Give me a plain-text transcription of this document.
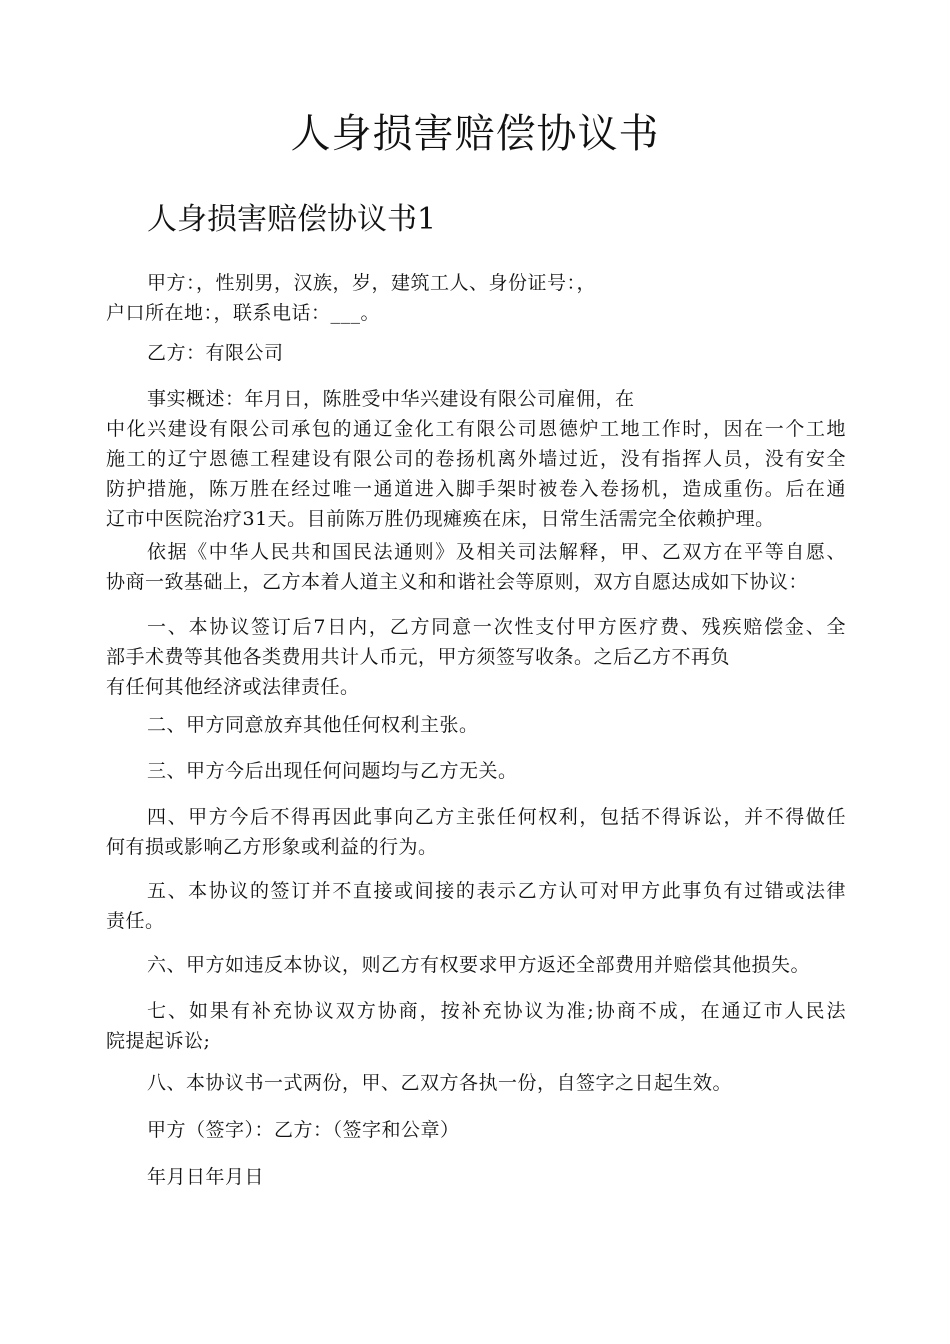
人身损害赔偿协议书
人身损害赔偿协议书1

甲方：，性别男，汉族，岁，建筑工人、身份证号：，
户口所在地：，联系电话：___。

乙方：有限公司

事实概述：年月日，陈胜受中华兴建设有限公司雇佣，在
中化兴建设有限公司承包的通辽金化工有限公司恩德炉工地工作时，因在一个工地
施工的辽宁恩德工程建设有限公司的卷扬机离外墙过近，没有指挥人员，没有安全
防护措施，陈万胜在经过唯一通道进入脚手架时被卷入卷扬机，造成重伤。后在通
辽市中医院治疗31天。目前陈万胜仍现瘫痪在床，日常生活需完全依赖护理。

依据《中华人民共和国民法通则》及相关司法解释，甲、乙双方在平等自愿、
协商一致基础上，乙方本着人道主义和和谐社会等原则，双方自愿达成如下协议：

一、本协议签订后7日内，乙方同意一次性支付甲方医疗费、残疾赔偿金、全
部手术费等其他各类费用共计人币元，甲方须签写收条。之后乙方不再负
有任何其他经济或法律责任。

二、甲方同意放弃其他任何权利主张。

三、甲方今后出现任何问题均与乙方无关。

四、甲方今后不得再因此事向乙方主张任何权利，包括不得诉讼，并不得做任
何有损或影响乙方形象或利益的行为。

五、本协议的签订并不直接或间接的表示乙方认可对甲方此事负有过错或法律
责任。

六、甲方如违反本协议，则乙方有权要求甲方返还全部费用并赔偿其他损失。

七、如果有补充协议双方协商，按补充协议为准;协商不成，在通辽市人民法
院提起诉讼;

八、本协议书一式两份，甲、乙双方各执一份，自签字之日起生效。

甲方（签字）：乙方：（签字和公章）

年月日年月日
